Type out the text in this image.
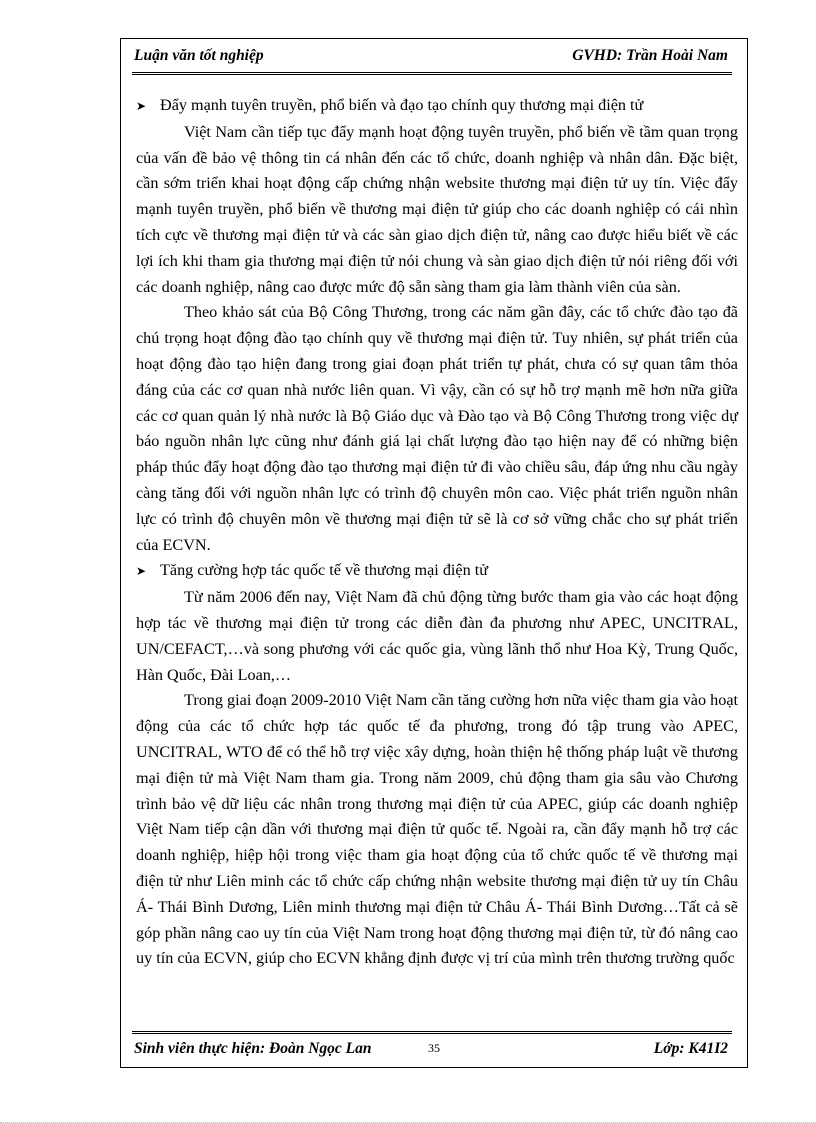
Luận văn tốt nghiệp	GVHD: Trần Hoài Nam

➤ Đẩy mạnh tuyên truyền, phổ biến và đạo tạo chính quy thương mại điện tử

Việt Nam cần tiếp tục đẩy mạnh hoạt động tuyên truyền, phổ biến về tầm quan trọng của vấn đề bảo vệ thông tin cá nhân đến các tổ chức, doanh nghiệp và nhân dân. Đặc biệt, cần sớm triển khai hoạt động cấp chứng nhận website thương mại điện tử uy tín. Việc đẩy mạnh tuyên truyền, phổ biến về thương mại điện tử giúp cho các doanh nghiệp có cái nhìn tích cực về thương mại điện tử và các sàn giao dịch điện tử, nâng cao được hiểu biết về các lợi ích khi tham gia thương mại điện tử nói chung và sàn giao dịch điện tử nói riêng đối với các doanh nghiệp, nâng cao được mức độ sẵn sàng tham gia làm thành viên của sàn.

Theo khảo sát của Bộ Công Thương, trong các năm gần đây, các tổ chức đào tạo đã chú trọng hoạt động đào tạo chính quy về thương mại điện tử. Tuy nhiên, sự phát triển của hoạt động đào tạo hiện đang trong giai đoạn phát triển tự phát, chưa có sự quan tâm thỏa đáng của các cơ quan nhà nước liên quan. Vì vậy, cần có sự hỗ trợ mạnh mẽ hơn nữa giữa các cơ quan quản lý nhà nước là Bộ Giáo dục và Đào tạo và Bộ Công Thương trong việc dự báo nguồn nhân lực cũng như đánh giá lại chất lượng đào tạo hiện nay để có những biện pháp thúc đẩy hoạt động đào tạo thương mại điện tử đi vào chiều sâu, đáp ứng nhu cầu ngày càng tăng đối với nguồn nhân lực có trình độ chuyên môn cao. Việc phát triển nguồn nhân lực có trình độ chuyên môn về thương mại điện tử sẽ là cơ sở vững chắc cho sự phát triển của ECVN.

➤ Tăng cường hợp tác quốc tế về thương mại điện tử

Từ năm 2006 đến nay, Việt Nam đã chủ động từng bước tham gia vào các hoạt động hợp tác về thương mại điện tử trong các diễn đàn đa phương như APEC, UNCITRAL, UN/CEFACT,…và song phương với các quốc gia, vùng lãnh thổ như Hoa Kỳ, Trung Quốc, Hàn Quốc, Đài Loan,…

Trong giai đoạn 2009-2010 Việt Nam cần tăng cường hơn nữa việc tham gia vào hoạt động của các tổ chức hợp tác quốc tế đa phương, trong đó tập trung vào APEC, UNCITRAL, WTO để có thể hỗ trợ việc xây dựng, hoàn thiện hệ thống pháp luật về thương mại điện tử mà Việt Nam tham gia. Trong năm 2009, chủ động tham gia sâu vào Chương trình bảo vệ dữ liệu các nhân trong thương mại điện tử của APEC, giúp các doanh nghiệp Việt Nam tiếp cận dần với thương mại điện tử quốc tế. Ngoài ra, cần đẩy mạnh hỗ trợ các doanh nghiệp, hiệp hội trong việc tham gia hoạt động của tổ chức quốc tế về thương mại điện tử như Liên minh các tổ chức cấp chứng nhận website thương mại điện tử uy tín Châu Á- Thái Bình Dương, Liên minh thương mại điện tử Châu Á- Thái Bình Dương…Tất cả sẽ góp phần nâng cao uy tín của Việt Nam trong hoạt động thương mại điện tử, từ đó nâng cao uy tín của ECVN, giúp cho ECVN khẳng định được vị trí của mình trên thương trường quốc

Sinh viên thực hiện: Đoàn Ngọc Lan	35	Lớp: K41I2
